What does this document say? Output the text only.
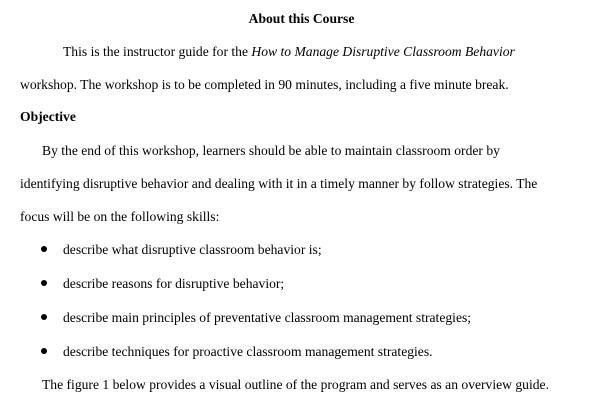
About this Course
This is the instructor guide for the How to Manage Disruptive Classroom Behavior
workshop. The workshop is to be completed in 90 minutes, including a five minute break.
Objective
By the end of this workshop, learners should be able to maintain classroom order by
identifying disruptive behavior and dealing with it in a timely manner by follow strategies. The
focus will be on the following skills:
describe what disruptive classroom behavior is;
describe reasons for disruptive behavior;
describe main principles of preventative classroom management strategies;
describe techniques for proactive classroom management strategies.
The figure 1 below provides a visual outline of the program and serves as an overview guide.
